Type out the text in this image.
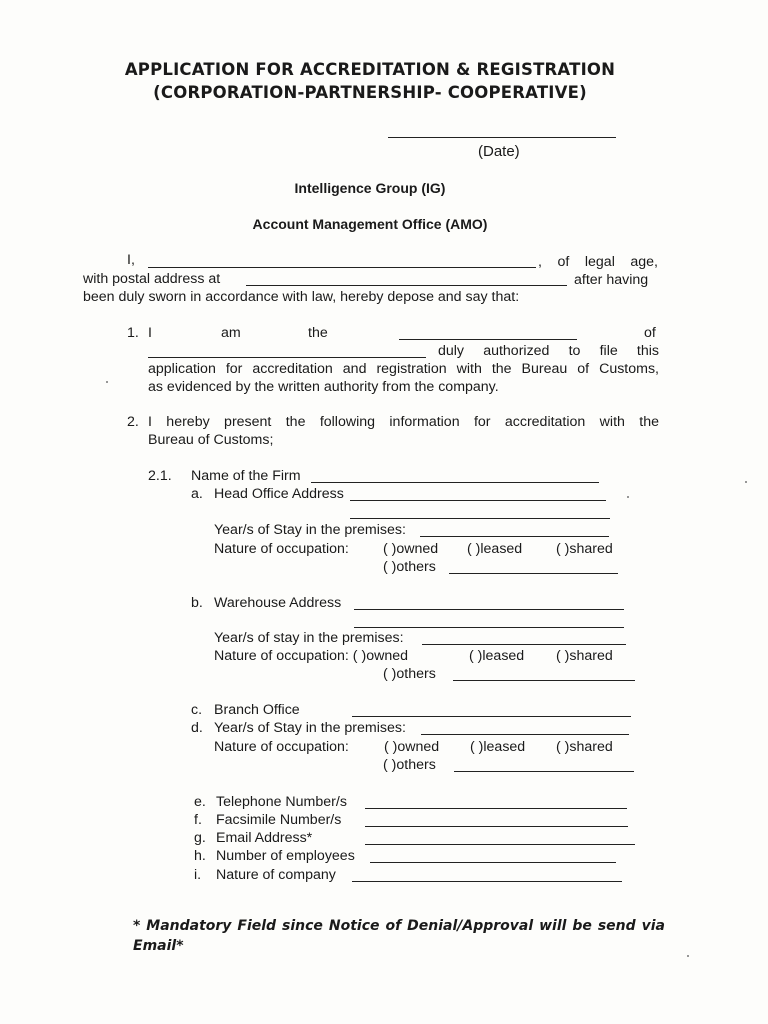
APPLICATION FOR ACCREDITATION & REGISTRATION
(CORPORATION-PARTNERSHIP- COOPERATIVE)
(Date)
Intelligence Group (IG)
Account Management Office (AMO)
I,	, of legal age,
with postal address at	after having
been duly sworn in accordance with law, hereby depose and say that:
1. I	am	the	of
duly authorized to file this
application for accreditation and registration with the Bureau of Customs,
as evidenced by the written authority from the company.
2. I hereby present the following information for accreditation with the
Bureau of Customs;
2.1. Name of the Firm
a. Head Office Address
Year/s of Stay in the premises:
Nature of occupation: ( )owned ( )leased ( )shared
( )others
b. Warehouse Address
Year/s of stay in the premises:
Nature of occupation: ( )owned	( )leased ( )shared
( )others
c. Branch Office
d. Year/s of Stay in the premises:
Nature of occupation: ( )owned ( )leased ( )shared
( )others
e. Telephone Number/s
f. Facsimile Number/s
g. Email Address*
h. Number of employees
i. Nature of company
* Mandatory Field since Notice of Denial/Approval will be send via
Email*
